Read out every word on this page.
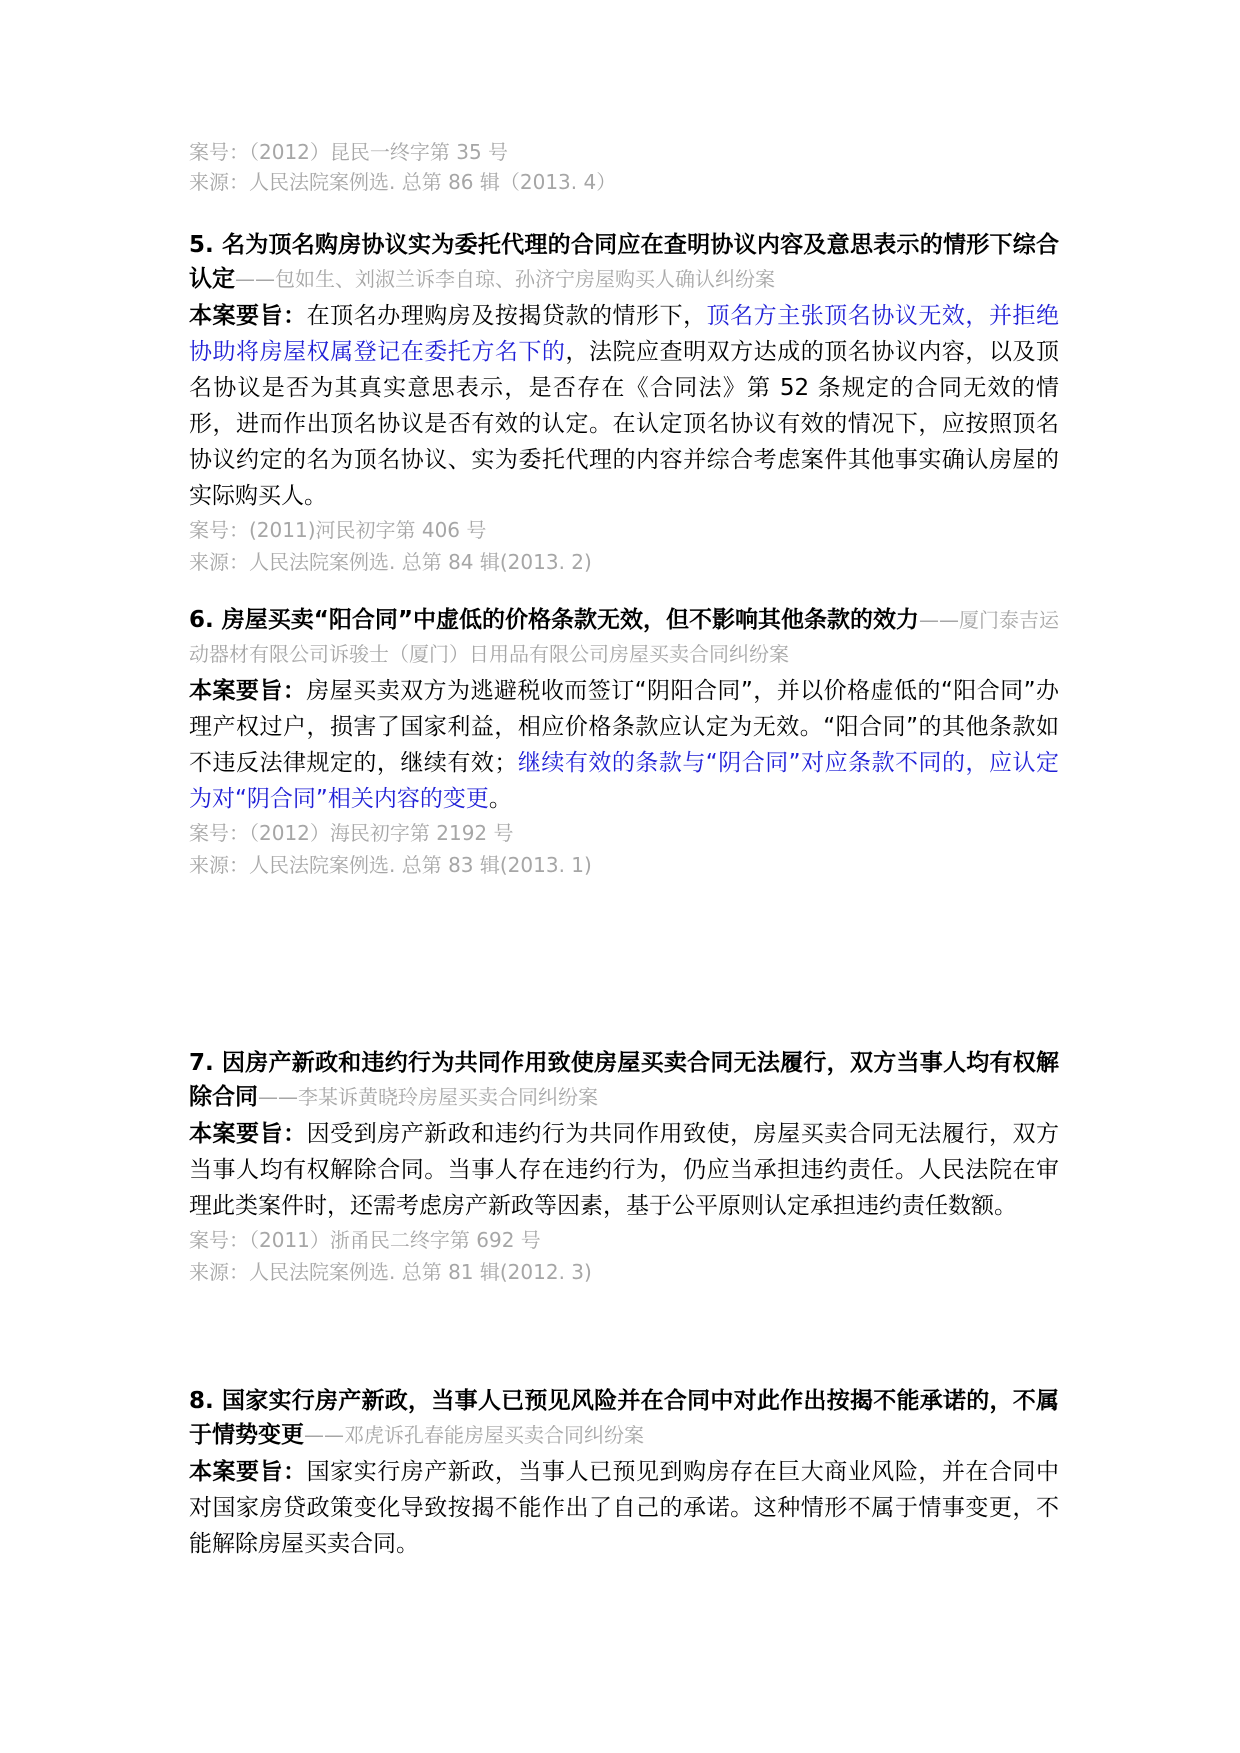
案号：（2012）昆民一终字第 35 号
来源：人民法院案例选. 总第 86 辑（2013. 4）
5. 名为顶名购房协议实为委托代理的合同应在查明协议内容及意思表示的情形下综合认定——包如生、刘淑兰诉李自琼、孙济宁房屋购买人确认纠纷案
本案要旨：在顶名办理购房及按揭贷款的情形下，顶名方主张顶名协议无效，并拒绝协助将房屋权属登记在委托方名下的，法院应查明双方达成的顶名协议内容，以及顶名协议是否为其真实意思表示，是否存在《合同法》第 52 条规定的合同无效的情形，进而作出顶名协议是否有效的认定。在认定顶名协议有效的情况下，应按照顶名协议约定的名为顶名协议、实为委托代理的内容并综合考虑案件其他事实确认房屋的实际购买人。
案号：(2011)河民初字第 406 号
来源：人民法院案例选. 总第 84 辑(2013. 2)
6. 房屋买卖“阳合同”中虚低的价格条款无效，但不影响其他条款的效力——厦门泰吉运动器材有限公司诉骏士（厦门）日用品有限公司房屋买卖合同纠纷案
本案要旨：房屋买卖双方为逃避税收而签订“阴阳合同”，并以价格虚低的“阳合同”办理产权过户，损害了国家利益，相应价格条款应认定为无效。“阳合同”的其他条款如不违反法律规定的，继续有效；继续有效的条款与“阴合同”对应条款不同的，应认定为对“阴合同”相关内容的变更。
案号：（2012）海民初字第 2192 号
来源：人民法院案例选. 总第 83 辑(2013. 1)
7. 因房产新政和违约行为共同作用致使房屋买卖合同无法履行，双方当事人均有权解除合同——李某诉黄晓玲房屋买卖合同纠纷案
本案要旨：因受到房产新政和违约行为共同作用致使，房屋买卖合同无法履行，双方当事人均有权解除合同。当事人存在违约行为，仍应当承担违约责任。人民法院在审理此类案件时，还需考虑房产新政等因素，基于公平原则认定承担违约责任数额。
案号：（2011）浙甬民二终字第 692 号
来源：人民法院案例选. 总第 81 辑(2012. 3)
8. 国家实行房产新政，当事人已预见风险并在合同中对此作出按揭不能承诺的，不属于情势变更——邓虎诉孔春能房屋买卖合同纠纷案
本案要旨：国家实行房产新政，当事人已预见到购房存在巨大商业风险，并在合同中对国家房贷政策变化导致按揭不能作出了自己的承诺。这种情形不属于情事变更，不能解除房屋买卖合同。
